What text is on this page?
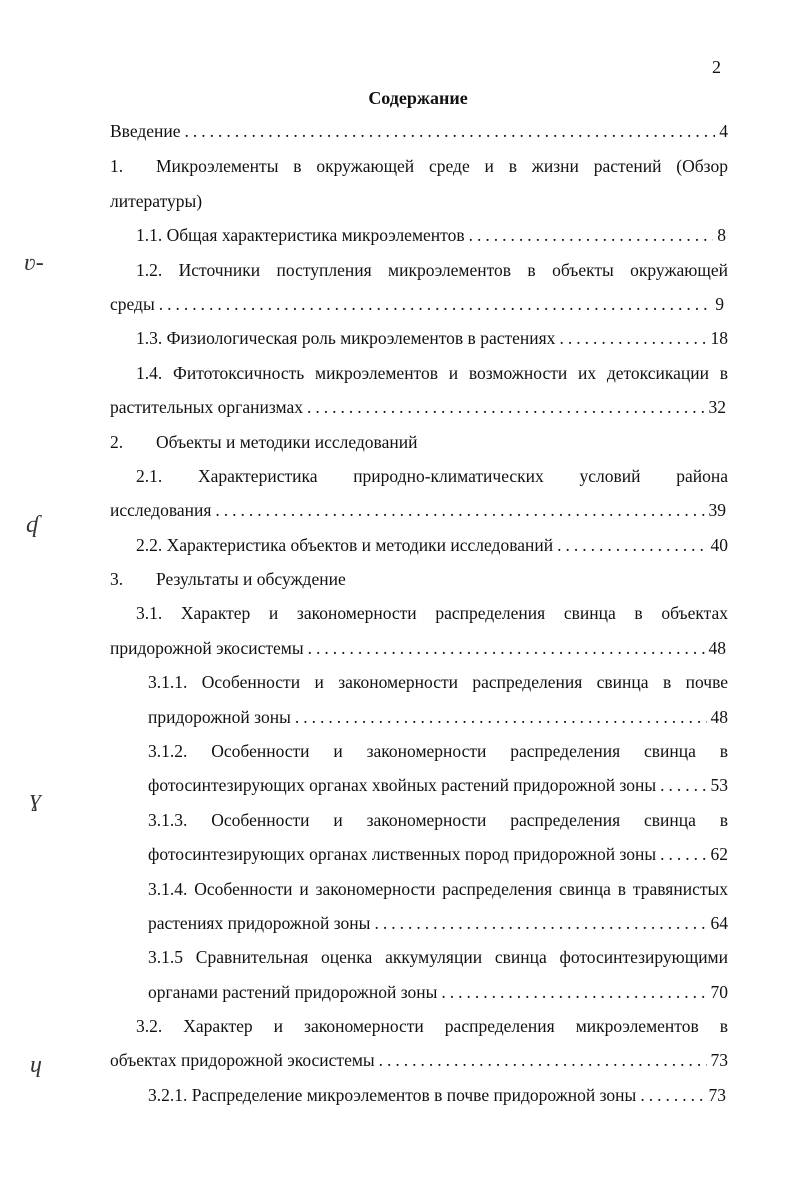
2
Содержание
ʋ-
ʠ
ɣ
ɥ
Введение .....	4
1.	Микроэлементы в окружающей среде и в жизни растений (Обзор
литературы)
1.1. Общая характеристика микроэлементов .....	8
1.2. Источники поступления микроэлементов в объекты окружающей
среды .....	9
1.3. Физиологическая роль микроэлементов в растениях .....	18
1.4. Фитотоксичность микроэлементов и возможности их детоксикации в
растительных организмах .....	32
2. Объекты и методики исследований
2.1. Характеристика природно-климатических условий района
исследования .....	39
2.2. Характеристика объектов и методики исследований .....	40
3. Результаты и обсуждение
3.1. Характер и закономерности распределения свинца в объектах
придорожной экосистемы .....	48
3.1.1. Особенности и закономерности распределения свинца в почве
придорожной зоны .....	48
3.1.2. Особенности и закономерности распределения свинца в
фотосинтезирующих органах хвойных растений придорожной зоны .....	53
3.1.3. Особенности и закономерности распределения свинца в
фотосинтезирующих органах лиственных пород придорожной зоны .....	62
3.1.4. Особенности и закономерности распределения свинца в травянистых
растениях придорожной зоны .....	64
3.1.5 Сравнительная оценка аккумуляции свинца фотосинтезирующими
органами растений придорожной зоны .....	70
3.2. Характер и закономерности распределения микроэлементов в
объектах придорожной экосистемы .....	73
3.2.1. Распределение микроэлементов в почве придорожной зоны .....	73
